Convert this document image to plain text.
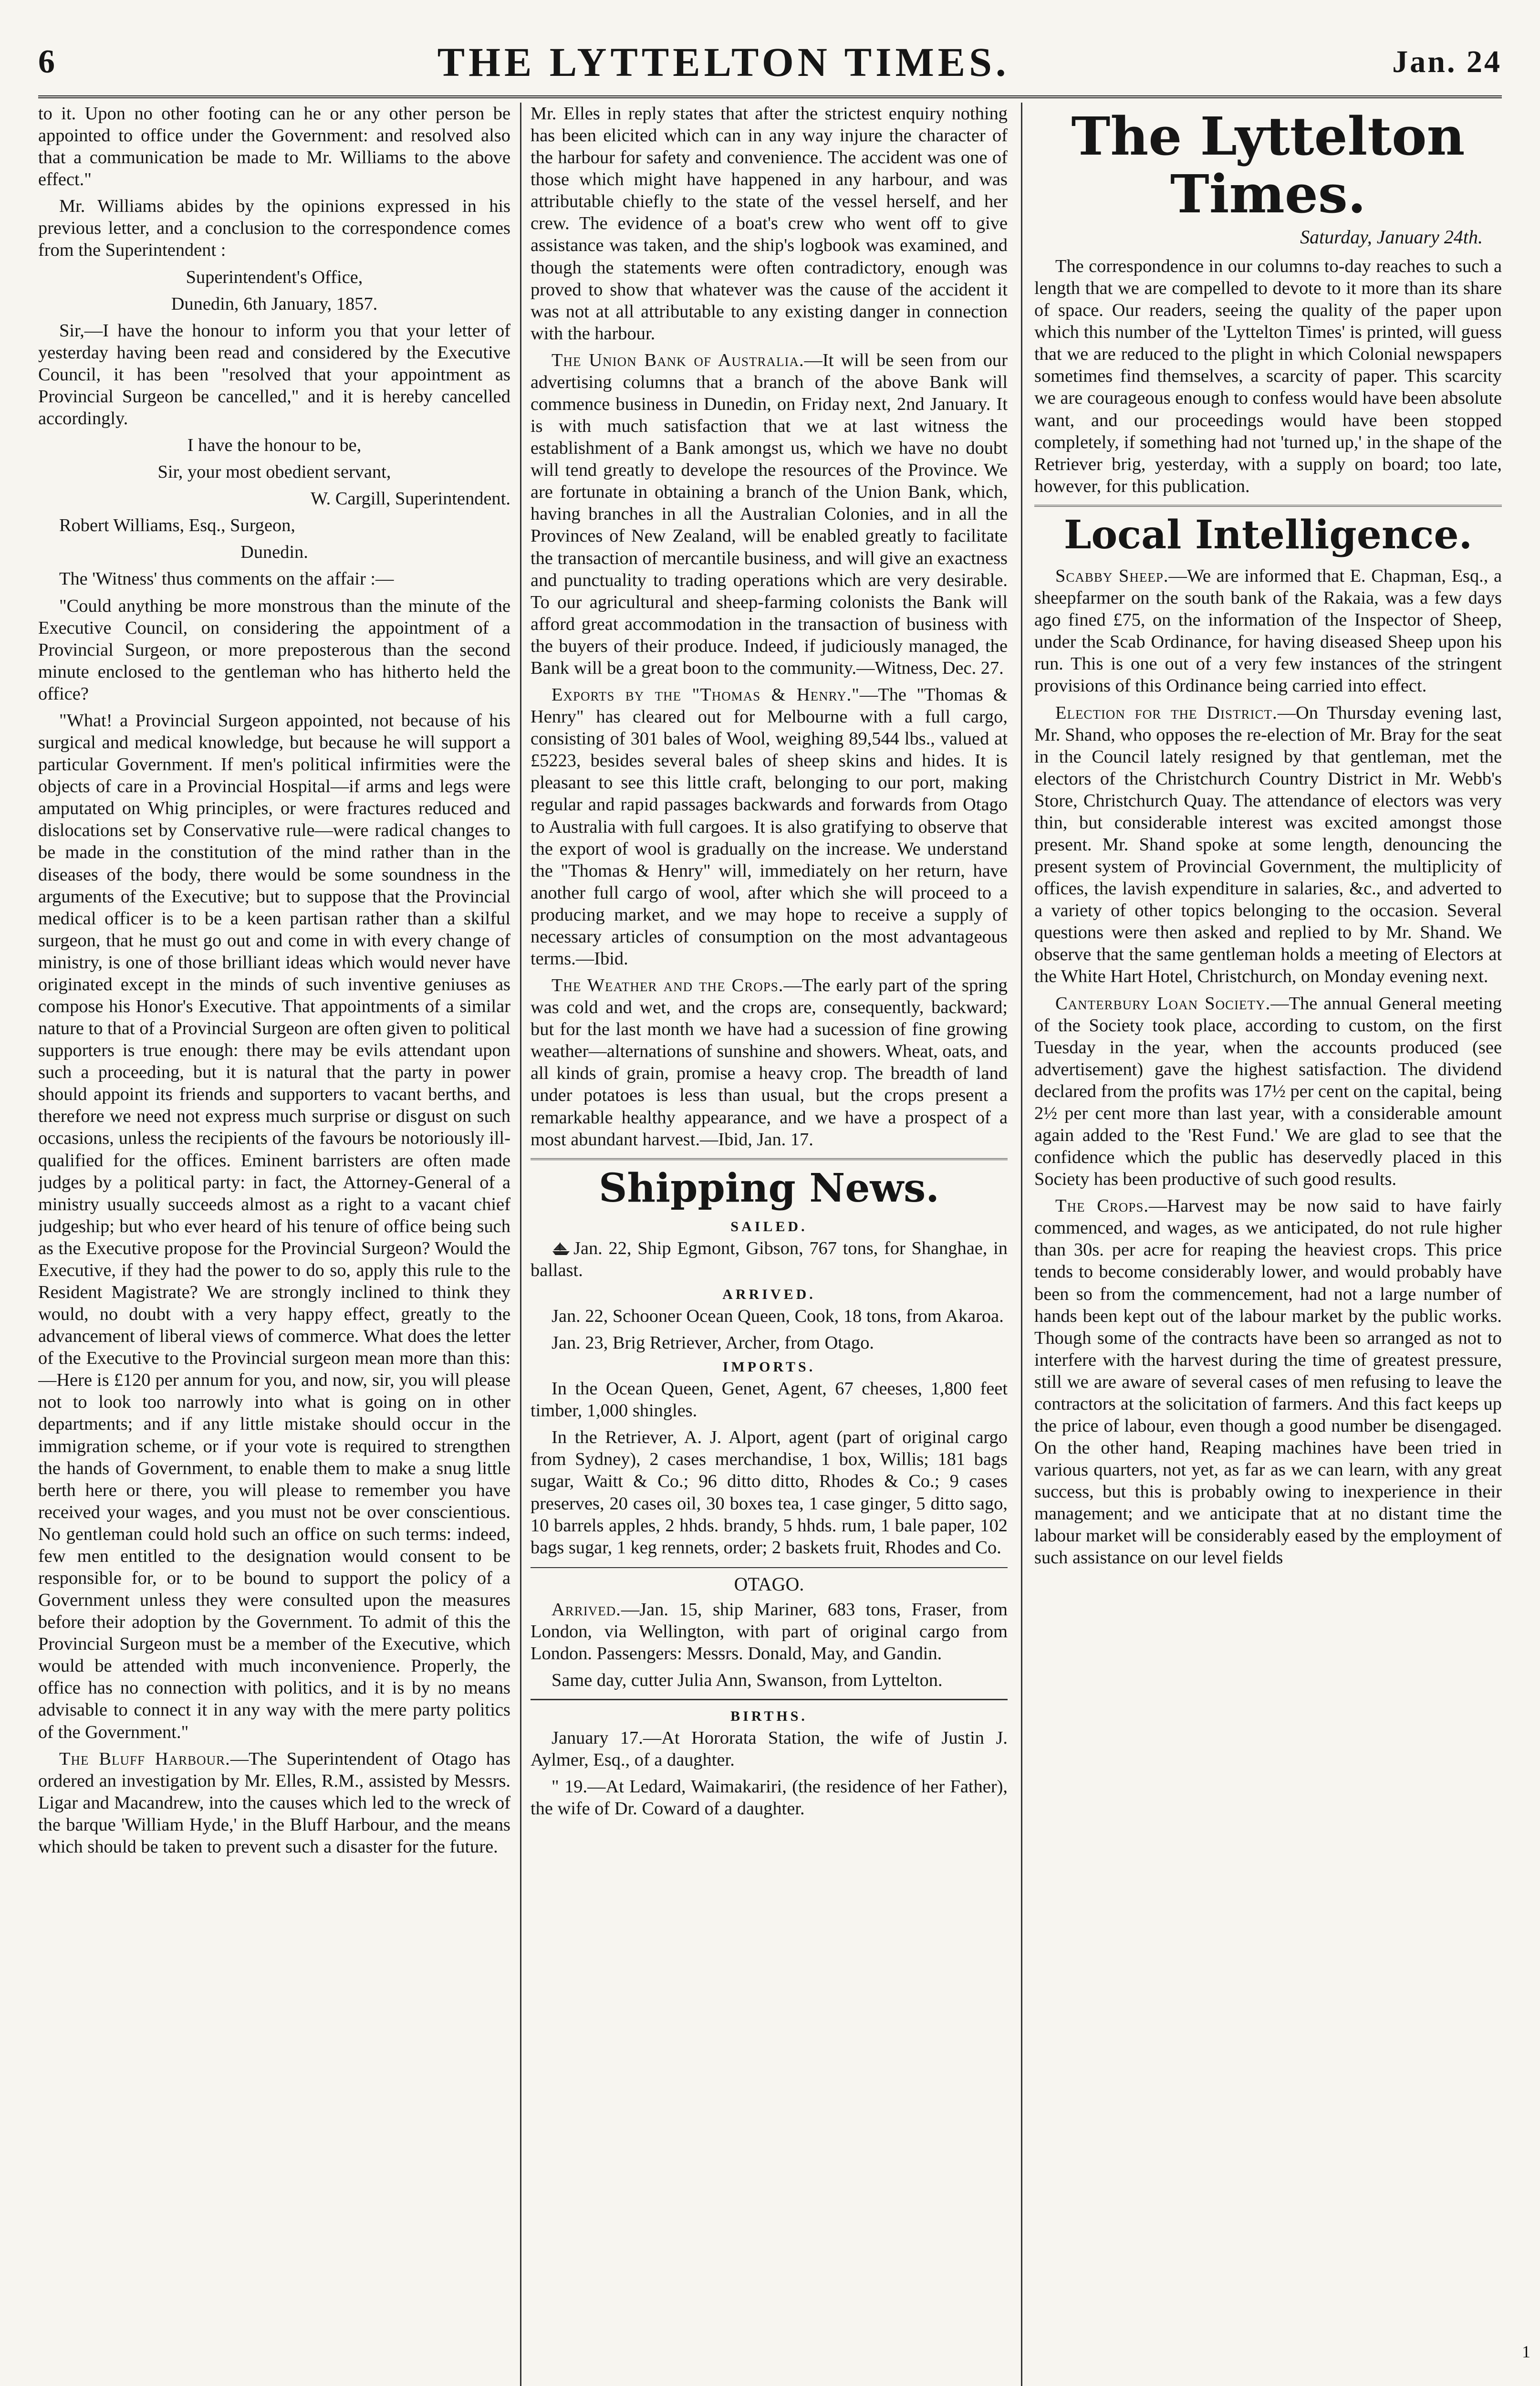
6	THE LYTTELTON TIMES.	Jan. 24

to it. Upon no other footing can he or any other person be appointed to office under the Government: and resolved also that a communication be made to Mr. Williams to the above effect."

Mr. Williams abides by the opinions expressed in his previous letter, and a conclusion to the correspondence comes from the Superintendent :

Superintendent's Office,

Dunedin, 6th January, 1857.

Sir,—I have the honour to inform you that your letter of yesterday having been read and considered by the Executive Council, it has been "resolved that your appointment as Provincial Surgeon be cancelled," and it is hereby cancelled accordingly.

I have the honour to be,

Sir, your most obedient servant,

W. Cargill, Superintendent.

Robert Williams, Esq., Surgeon,

Dunedin.

The 'Witness' thus comments on the affair :—

"Could anything be more monstrous than the minute of the Executive Council, on considering the appointment of a Provincial Surgeon, or more preposterous than the second minute enclosed to the gentleman who has hitherto held the office?

"What! a Provincial Surgeon appointed, not because of his surgical and medical knowledge, but because he will support a particular Government. If men's political infirmities were the objects of care in a Provincial Hospital—if arms and legs were amputated on Whig principles, or were fractures reduced and dislocations set by Conservative rule—were radical changes to be made in the constitution of the mind rather than in the diseases of the body, there would be some soundness in the arguments of the Executive; but to suppose that the Provincial medical officer is to be a keen partisan rather than a skilful surgeon, that he must go out and come in with every change of ministry, is one of those brilliant ideas which would never have originated except in the minds of such inventive geniuses as compose his Honor's Executive. That appointments of a similar nature to that of a Provincial Surgeon are often given to political supporters is true enough: there may be evils attendant upon such a proceeding, but it is natural that the party in power should appoint its friends and supporters to vacant berths, and therefore we need not express much surprise or disgust on such occasions, unless the recipients of the favours be notoriously ill-qualified for the offices. Eminent barristers are often made judges by a political party: in fact, the Attorney-General of a ministry usually succeeds almost as a right to a vacant chief judgeship; but who ever heard of his tenure of office being such as the Executive propose for the Provincial Surgeon? Would the Executive, if they had the power to do so, apply this rule to the Resident Magistrate? We are strongly inclined to think they would, no doubt with a very happy effect, greatly to the advancement of liberal views of commerce. What does the letter of the Executive to the Provincial surgeon mean more than this:—Here is £120 per annum for you, and now, sir, you will please not to look too narrowly into what is going on in other departments; and if any little mistake should occur in the immigration scheme, or if your vote is required to strengthen the hands of Government, to enable them to make a snug little berth here or there, you will please to remember you have received your wages, and you must not be over conscientious. No gentleman could hold such an office on such terms: indeed, few men entitled to the designation would consent to be responsible for, or to be bound to support the policy of a Government unless they were consulted upon the measures before their adoption by the Government. To admit of this the Provincial Surgeon must be a member of the Executive, which would be attended with much inconvenience. Properly, the office has no connection with politics, and it is by no means advisable to connect it in any way with the mere party politics of the Government."

The Bluff Harbour.—The Superintendent of Otago has ordered an investigation by Mr. Elles, R.M., assisted by Messrs. Ligar and Macandrew, into the causes which led to the wreck of the barque 'William Hyde,' in the Bluff Harbour, and the means which should be taken to prevent such a disaster for the future.

Mr. Elles in reply states that after the strictest enquiry nothing has been elicited which can in any way injure the character of the harbour for safety and convenience. The accident was one of those which might have happened in any harbour, and was attributable chiefly to the state of the vessel herself, and her crew. The evidence of a boat's crew who went off to give assistance was taken, and the ship's logbook was examined, and though the statements were often contradictory, enough was proved to show that whatever was the cause of the accident it was not at all attributable to any existing danger in connection with the harbour.

The Union Bank of Australia.—It will be seen from our advertising columns that a branch of the above Bank will commence business in Dunedin, on Friday next, 2nd January. It is with much satisfaction that we at last witness the establishment of a Bank amongst us, which we have no doubt will tend greatly to develope the resources of the Province. We are fortunate in obtaining a branch of the Union Bank, which, having branches in all the Australian Colonies, and in all the Provinces of New Zealand, will be enabled greatly to facilitate the transaction of mercantile business, and will give an exactness and punctuality to trading operations which are very desirable. To our agricultural and sheep-farming colonists the Bank will afford great accommodation in the transaction of business with the buyers of their produce. Indeed, if judiciously managed, the Bank will be a great boon to the community.—Witness, Dec. 27.

Exports by the "Thomas & Henry."—The "Thomas & Henry" has cleared out for Melbourne with a full cargo, consisting of 301 bales of Wool, weighing 89,544 lbs., valued at £5223, besides several bales of sheep skins and hides. It is pleasant to see this little craft, belonging to our port, making regular and rapid passages backwards and forwards from Otago to Australia with full cargoes. It is also gratifying to observe that the export of wool is gradually on the increase. We understand the "Thomas & Henry" will, immediately on her return, have another full cargo of wool, after which she will proceed to a producing market, and we may hope to receive a supply of necessary articles of consumption on the most advantageous terms.—Ibid.

The Weather and the Crops.—The early part of the spring was cold and wet, and the crops are, consequently, backward; but for the last month we have had a sucession of fine growing weather—alternations of sunshine and showers. Wheat, oats, and all kinds of grain, promise a heavy crop. The breadth of land under potatoes is less than usual, but the crops present a remarkable healthy appearance, and we have a prospect of a most abundant harvest.—Ibid, Jan. 17.

Shipping News.
SAILED.

Jan. 22, Ship Egmont, Gibson, 767 tons, for Shanghae, in ballast.

ARRIVED.

Jan. 22, Schooner Ocean Queen, Cook, 18 tons, from Akaroa.

Jan. 23, Brig Retriever, Archer, from Otago.

IMPORTS.

In the Ocean Queen, Genet, Agent, 67 cheeses, 1,800 feet timber, 1,000 shingles.

In the Retriever, A. J. Alport, agent (part of original cargo from Sydney), 2 cases merchandise, 1 box, Willis; 181 bags sugar, Waitt & Co.; 96 ditto ditto, Rhodes & Co.; 9 cases preserves, 20 cases oil, 30 boxes tea, 1 case ginger, 5 ditto sago, 10 barrels apples, 2 hhds. brandy, 5 hhds. rum, 1 bale paper, 102 bags sugar, 1 keg rennets, order; 2 baskets fruit, Rhodes and Co.

OTAGO.

Arrived.—Jan. 15, ship Mariner, 683 tons, Fraser, from London, via Wellington, with part of original cargo from London. Passengers: Messrs. Donald, May, and Gandin.

Same day, cutter Julia Ann, Swanson, from Lyttelton.

BIRTHS.

January 17.—At Hororata Station, the wife of Justin J. Aylmer, Esq., of a daughter.

" 19.—At Ledard, Waimakariri, (the residence of her Father), the wife of Dr. Coward of a daughter.

The Lyttelton Times.
Saturday, January 24th.

The correspondence in our columns to-day reaches to such a length that we are compelled to devote to it more than its share of space. Our readers, seeing the quality of the paper upon which this number of the 'Lyttelton Times' is printed, will guess that we are reduced to the plight in which Colonial newspapers sometimes find themselves, a scarcity of paper. This scarcity we are courageous enough to confess would have been absolute want, and our proceedings would have been stopped completely, if something had not 'turned up,' in the shape of the Retriever brig, yesterday, with a supply on board; too late, however, for this publication.

Local Intelligence.

Scabby Sheep.—We are informed that E. Chapman, Esq., a sheepfarmer on the south bank of the Rakaia, was a few days ago fined £75, on the information of the Inspector of Sheep, under the Scab Ordinance, for having diseased Sheep upon his run. This is one out of a very few instances of the stringent provisions of this Ordinance being carried into effect.

Election for the District.—On Thursday evening last, Mr. Shand, who opposes the re-election of Mr. Bray for the seat in the Council lately resigned by that gentleman, met the electors of the Christchurch Country District in Mr. Webb's Store, Christchurch Quay. The attendance of electors was very thin, but considerable interest was excited amongst those present. Mr. Shand spoke at some length, denouncing the present system of Provincial Government, the multiplicity of offices, the lavish expenditure in salaries, &c., and adverted to a variety of other topics belonging to the occasion. Several questions were then asked and replied to by Mr. Shand. We observe that the same gentleman holds a meeting of Electors at the White Hart Hotel, Christchurch, on Monday evening next.

Canterbury Loan Society.—The annual General meeting of the Society took place, according to custom, on the first Tuesday in the year, when the accounts produced (see advertisement) gave the highest satisfaction. The dividend declared from the profits was 17½ per cent on the capital, being 2½ per cent more than last year, with a considerable amount again added to the 'Rest Fund.' We are glad to see that the confidence which the public has deservedly placed in this Society has been productive of such good results.

The Crops.—Harvest may be now said to have fairly commenced, and wages, as we anticipated, do not rule higher than 30s. per acre for reaping the heaviest crops. This price tends to become considerably lower, and would probably have been so from the commencement, had not a large number of hands been kept out of the labour market by the public works. Though some of the contracts have been so arranged as not to interfere with the harvest during the time of greatest pressure, still we are aware of several cases of men refusing to leave the contractors at the solicitation of farmers. And this fact keeps up the price of labour, even though a good number be disengaged. On the other hand, Reaping machines have been tried in various quarters, not yet, as far as we can learn, with any great success, but this is probably owing to inexperience in their management; and we anticipate that at no distant time the labour market will be considerably eased by the employment of such assistance on our level fields

1
